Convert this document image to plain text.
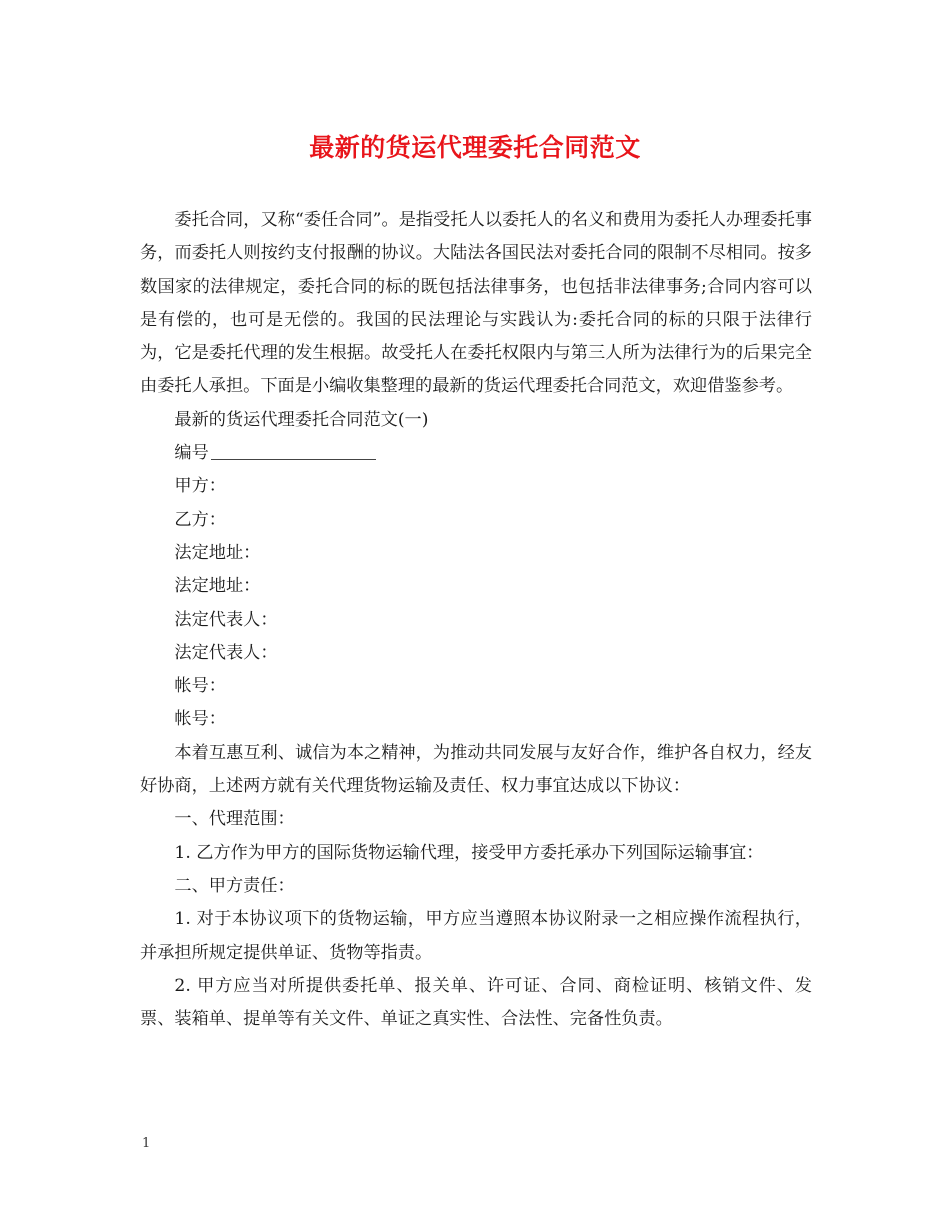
最新的货运代理委托合同范文

委托合同，又称“委任合同”。是指受托人以委托人的名义和费用为委托人办理委托事务，而委托人则按约支付报酬的协议。大陆法各国民法对委托合同的限制不尽相同。按多数国家的法律规定，委托合同的标的既包括法律事务，也包括非法律事务;合同内容可以是有偿的，也可是无偿的。我国的民法理论与实践认为:委托合同的标的只限于法律行为，它是委托代理的发生根据。故受托人在委托权限内与第三人所为法律行为的后果完全由委托人承担。下面是小编收集整理的最新的货运代理委托合同范文，欢迎借鉴参考。

最新的货运代理委托合同范文(一)

编号

甲方：

乙方：

法定地址：

法定地址：

法定代表人：

法定代表人：

帐号：

帐号：

本着互惠互利、诚信为本之精神，为推动共同发展与友好合作，维护各自权力，经友好协商，上述两方就有关代理货物运输及责任、权力事宜达成以下协议：

一、代理范围：

1. 乙方作为甲方的国际货物运输代理，接受甲方委托承办下列国际运输事宜：

二、甲方责任：

1. 对于本协议项下的货物运输，甲方应当遵照本协议附录一之相应操作流程执行，并承担所规定提供单证、货物等指责。

2. 甲方应当对所提供委托单、报关单、许可证、合同、商检证明、核销文件、发票、装箱单、提单等有关文件、单证之真实性、合法性、完备性负责。

1
